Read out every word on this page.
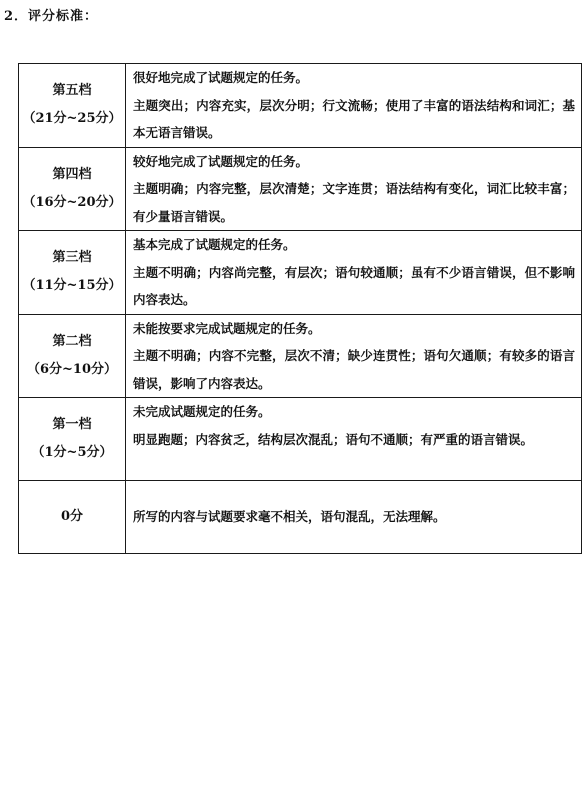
2．评分标准：
第五档
（21分~25分）	很好地完成了试题规定的任务。
主题突出；内容充实，层次分明；行文流畅；使用了丰富的语法结构和词汇；基本无语言错误。

第四档
（16分~20分）	较好地完成了试题规定的任务。
主题明确；内容完整，层次清楚；文字连贯；语法结构有变化，词汇比较丰富；有少量语言错误。

第三档
（11分~15分）	基本完成了试题规定的任务。
主题不明确；内容尚完整，有层次；语句较通顺；虽有不少语言错误，但不影响内容表达。

第二档
（6分~10分）	未能按要求完成试题规定的任务。
主题不明确；内容不完整，层次不清；缺少连贯性；语句欠通顺；有较多的语言错误，影响了内容表达。

第一档
（1分~5分）	未完成试题规定的任务。
明显跑题；内容贫乏，结构层次混乱；语句不通顺；有严重的语言错误。

0分	所写的内容与试题要求毫不相关，语句混乱，无法理解。
